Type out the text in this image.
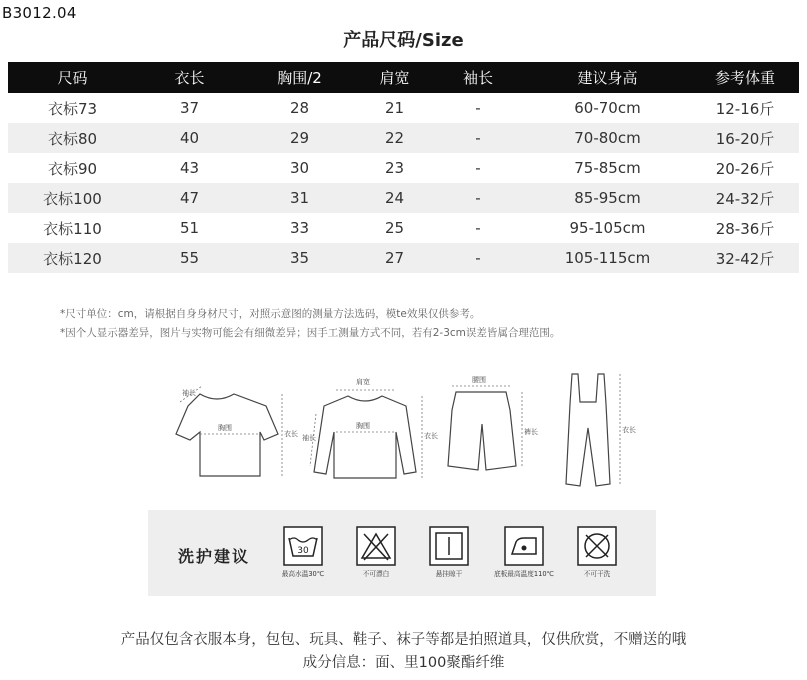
B3012.04
产品尺码/Size
尺码	衣长	胸围/2	肩宽	袖长	建议身高	参考体重
衣标73	37	28	21	-	60-70cm	12-16斤
衣标80	40	29	22	-	70-80cm	16-20斤
衣标90	43	30	23	-	75-85cm	20-26斤
衣标100	47	31	24	-	85-95cm	24-32斤
衣标110	51	33	25	-	95-105cm	28-36斤
衣标120	55	35	27	-	105-115cm	32-42斤
*尺寸单位：cm，请根据自身身材尺寸，对照示意图的测量方法选码，模te效果仅供参考。
*因个人显示器差异，图片与实物可能会有细微差异；因手工测量方式不同，若有2-3cm误差皆属合理范围。
袖长
胸围
衣长
肩宽
袖长
胸围
衣长
腰围
裤长	衣长
洗护建议	30
最高水温30℃	不可漂白	悬挂晾干	底板最高温度110℃	不可干洗
产品仅包含衣服本身，包包、玩具、鞋子、袜子等都是拍照道具，仅供欣赏，不赠送的哦
成分信息：面、里100聚酯纤维
